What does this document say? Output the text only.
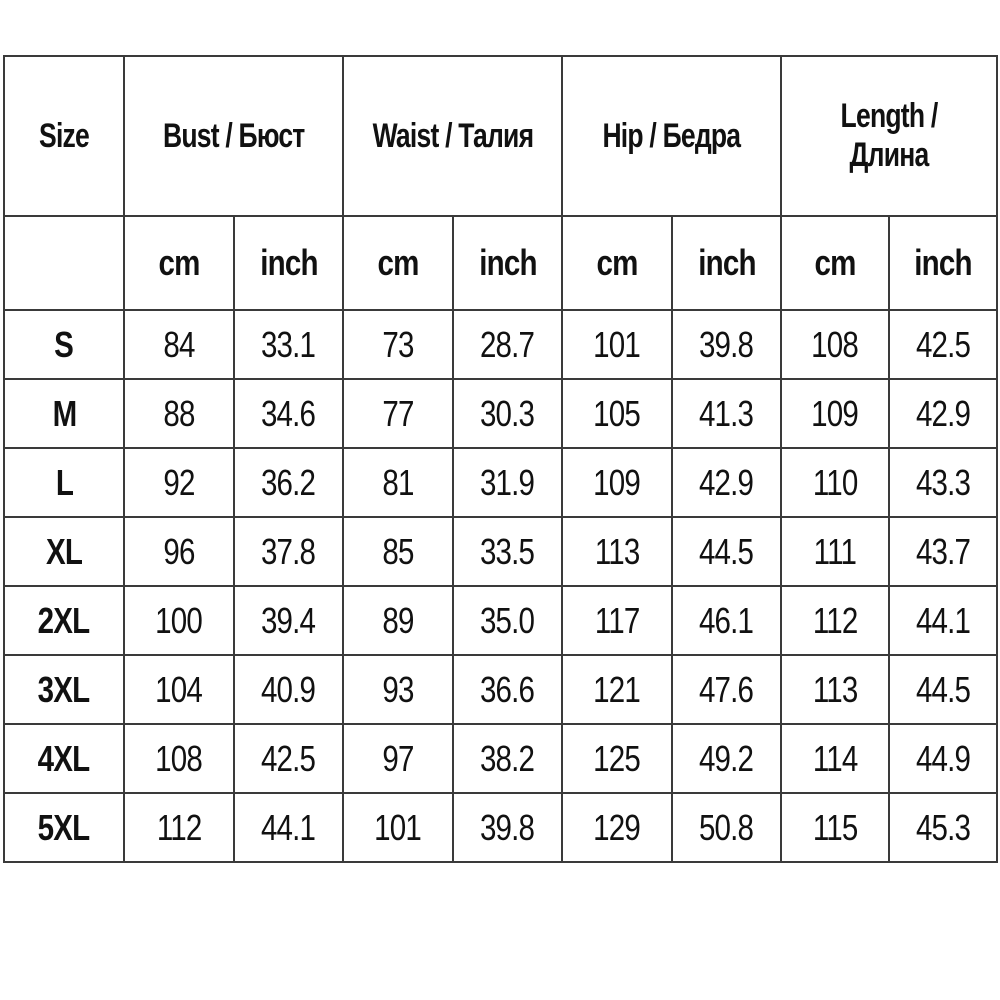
Size	Bust / Бюст		Waist / Талия		Hip / Бедра		Length / Длина	
	cm	inch	cm	inch	cm	inch	cm	inch
S	84	33.1	73	28.7	101	39.8	108	42.5
M	88	34.6	77	30.3	105	41.3	109	42.9
L	92	36.2	81	31.9	109	42.9	110	43.3
XL	96	37.8	85	33.5	113	44.5	111	43.7
2XL	100	39.4	89	35.0	117	46.1	112	44.1
3XL	104	40.9	93	36.6	121	47.6	113	44.5
4XL	108	42.5	97	38.2	125	49.2	114	44.9
5XL	112	44.1	101	39.8	129	50.8	115	45.3
